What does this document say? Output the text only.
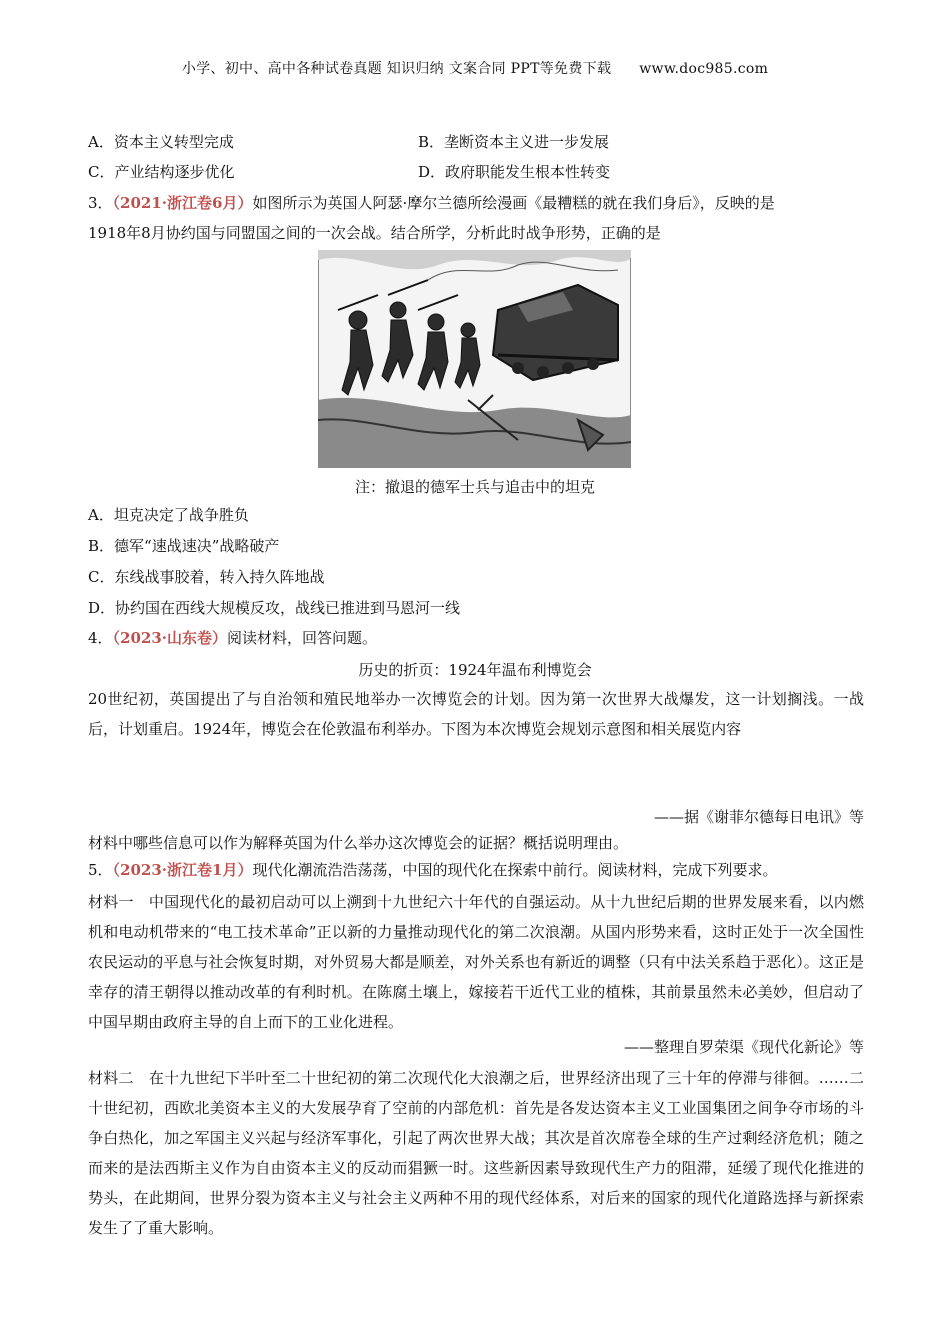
小学、初中、高中各种试卷真题 知识归纳 文案合同 PPT等免费下载 www.doc985.com
A．资本主义转型完成	B．垄断资本主义进一步发展
C．产业结构逐步优化	D．政府职能发生根本性转变
3．（2021·浙江卷6月）如图所示为英国人阿瑟·摩尔兰德所绘漫画《最糟糕的就在我们身后》，反映的是
1918年8月协约国与同盟国之间的一次会战。结合所学，分析此时战争形势，正确的是
注：撤退的德军士兵与追击中的坦克
A．坦克决定了战争胜负
B．德军“速战速决”战略破产
C．东线战事胶着，转入持久阵地战
D．协约国在西线大规模反攻，战线已推进到马恩河一线
4．（2023·山东卷）阅读材料，回答问题。
历史的折页：1924年温布利博览会
20世纪初，英国提出了与自治领和殖民地举办一次博览会的计划。因为第一次世界大战爆发，这一计划搁浅。一战后，计划重启。1924年，博览会在伦敦温布利举办。下图为本次博览会规划示意图和相关展览内容
——据《谢菲尔德每日电讯》等
材料中哪些信息可以作为解释英国为什么举办这次博览会的证据？概括说明理由。
5．（2023·浙江卷1月）现代化潮流浩浩荡荡，中国的现代化在探索中前行。阅读材料，完成下列要求。
材料一　中国现代化的最初启动可以上溯到十九世纪六十年代的自强运动。从十九世纪后期的世界发展来看，以内燃机和电动机带来的“电工技术革命”正以新的力量推动现代化的第二次浪潮。从国内形势来看，这时正处于一次全国性农民运动的平息与社会恢复时期，对外贸易大都是顺差，对外关系也有新近的调整（只有中法关系趋于恶化）。这正是幸存的清王朝得以推动改革的有利时机。在陈腐土壤上，嫁接若干近代工业的植株，其前景虽然未必美妙，但启动了中国早期由政府主导的自上而下的工业化进程。
——整理自罗荣渠《现代化新论》等
材料二　在十九世纪下半叶至二十世纪初的第二次现代化大浪潮之后，世界经济出现了三十年的停滞与徘徊。……二十世纪初，西欧北美资本主义的大发展孕育了空前的内部危机：首先是各发达资本主义工业国集团之间争夺市场的斗争白热化，加之军国主义兴起与经济军事化，引起了两次世界大战；其次是首次席卷全球的生产过剩经济危机；随之而来的是法西斯主义作为自由资本主义的反动而猖獗一时。这些新因素导致现代生产力的阻滞，延缓了现代化推进的势头，在此期间，世界分裂为资本主义与社会主义两种不用的现代经体系，对后来的国家的现代化道路选择与新探索发生了了重大影响。
